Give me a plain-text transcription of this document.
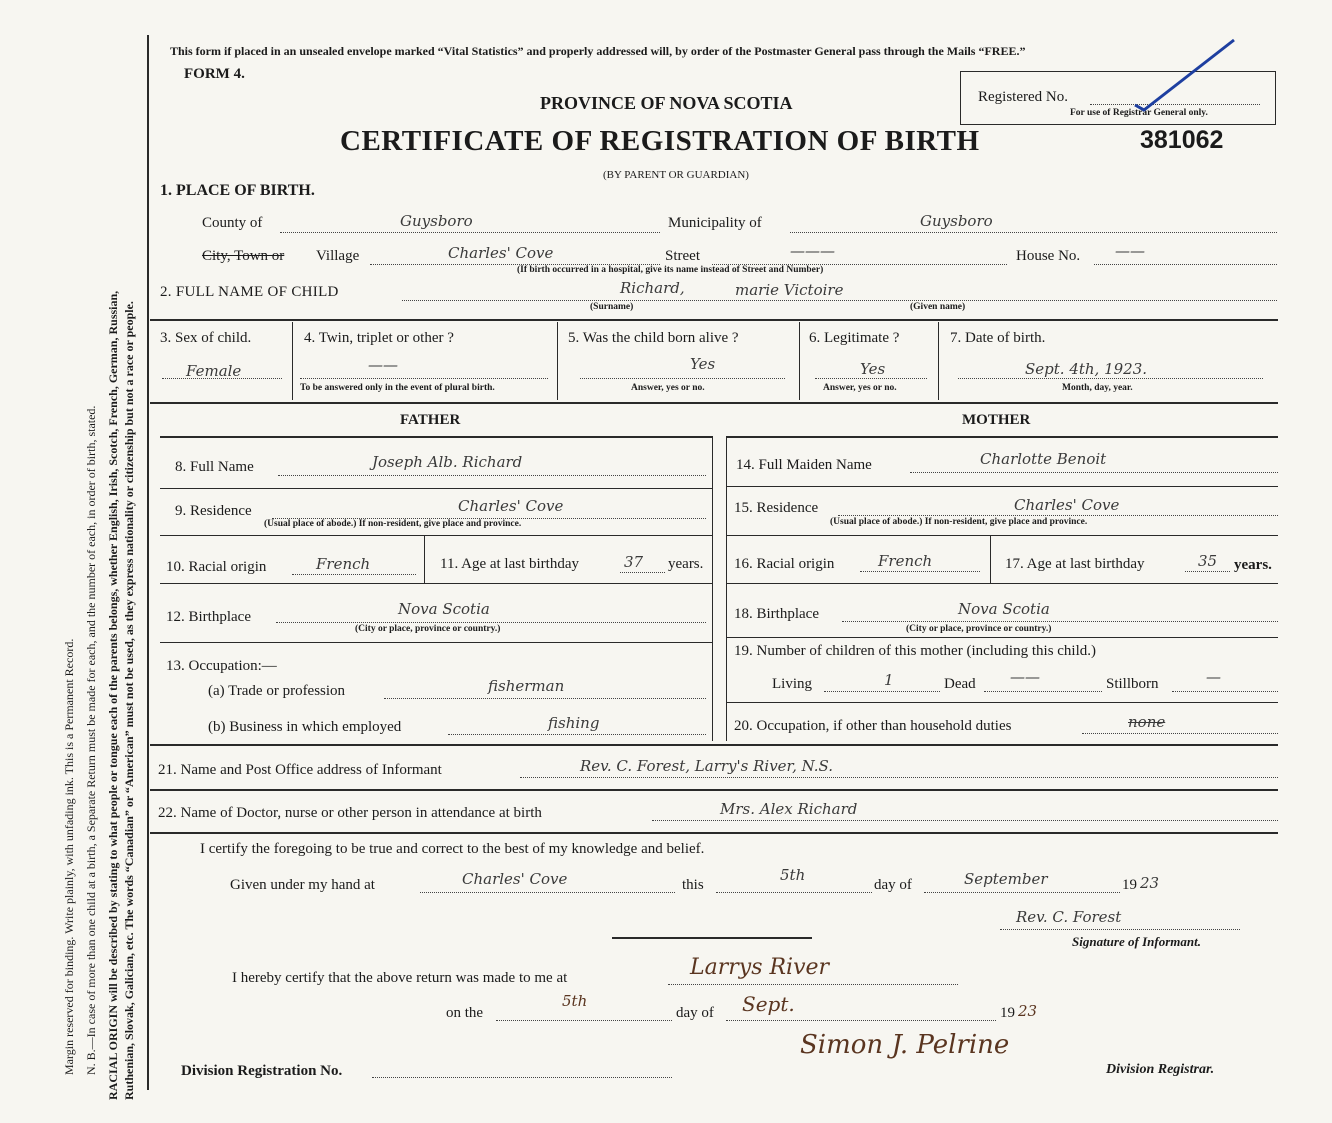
Margin reserved for binding. Write plainly, with unfading ink. This is a Permanent Record. N. B.—In case of more than one child at a birth, a Separate Return must be made for each, and the number of each, in order of birth, stated. RACIAL ORIGIN will be described by stating to what people or tongue each of the parents belongs, whether English, Irish, Scotch, French, German, Russian, Ruthenian, Slovak, Galician, etc. The words “Canadian” or “American” must not be used, as they express nationality or citizenship but not a race or people.
This form if placed in an unsealed envelope marked “Vital Statistics” and properly addressed will, by order of the Postmaster General pass through the Mails “FREE.”
FORM 4.
PROVINCE OF NOVA SCOTIA
CERTIFICATE OF REGISTRATION OF BIRTH
(BY PARENT OR GUARDIAN)
Registered No.
For use of Registrar General only.
381062
1. PLACE OF BIRTH.
County of	Guysboro	Municipality of	Guysboro
City, Town or Village	Charles' Cove	Street	———	House No. ——
(If birth occurred in a hospital, give its name instead of Street and Number)
2. FULL NAME OF CHILD	Richard,	marie Victoire
(Surname)	(Given name)
3. Sex of child.
Female
4. Twin, triplet or other ?
——
To be answered only in the event of plural birth.
5. Was the child born alive ?
Yes
Answer, yes or no.
6. Legitimate ?
Yes
Answer, yes or no.
7. Date of birth.
Sept. 4th, 1923.
Month, day, year.
FATHER	MOTHER
8. Full Name	Joseph Alb. Richard
9. Residence	Charles' Cove
(Usual place of abode.) If non-resident, give place and province.
10. Racial origin	French	11. Age at last birthday	37 years.
12. Birthplace	Nova Scotia
(City or place, province or country.)
13. Occupation:—
(a) Trade or profession	fisherman
(b) Business in which employed	fishing
14. Full Maiden Name	Charlotte Benoit
15. Residence	Charles' Cove
(Usual place of abode.) If non-resident, give place and province.
16. Racial origin	French	17. Age at last birthday	35 years.
18. Birthplace	Nova Scotia
(City or place, province or country.)
19. Number of children of this mother (including this child.)
Living	1	Dead ——	Stillborn	—
20. Occupation, if other than household duties	none
21. Name and Post Office address of Informant	Rev. C. Forest, Larry's River, N.S.
22. Name of Doctor, nurse or other person in attendance at birth	Mrs. Alex Richard
I certify the foregoing to be true and correct to the best of my knowledge and belief.
Given under my hand at	Charles' Cove	this
5th
day of	September	19 23
Rev. C. Forest
Signature of Informant.
I hereby certify that the above return was made to me at	Larrys River
on the
5th
day of Sept.	19 23
Simon J. Pelrine
Division Registration No.	Division Registrar.
